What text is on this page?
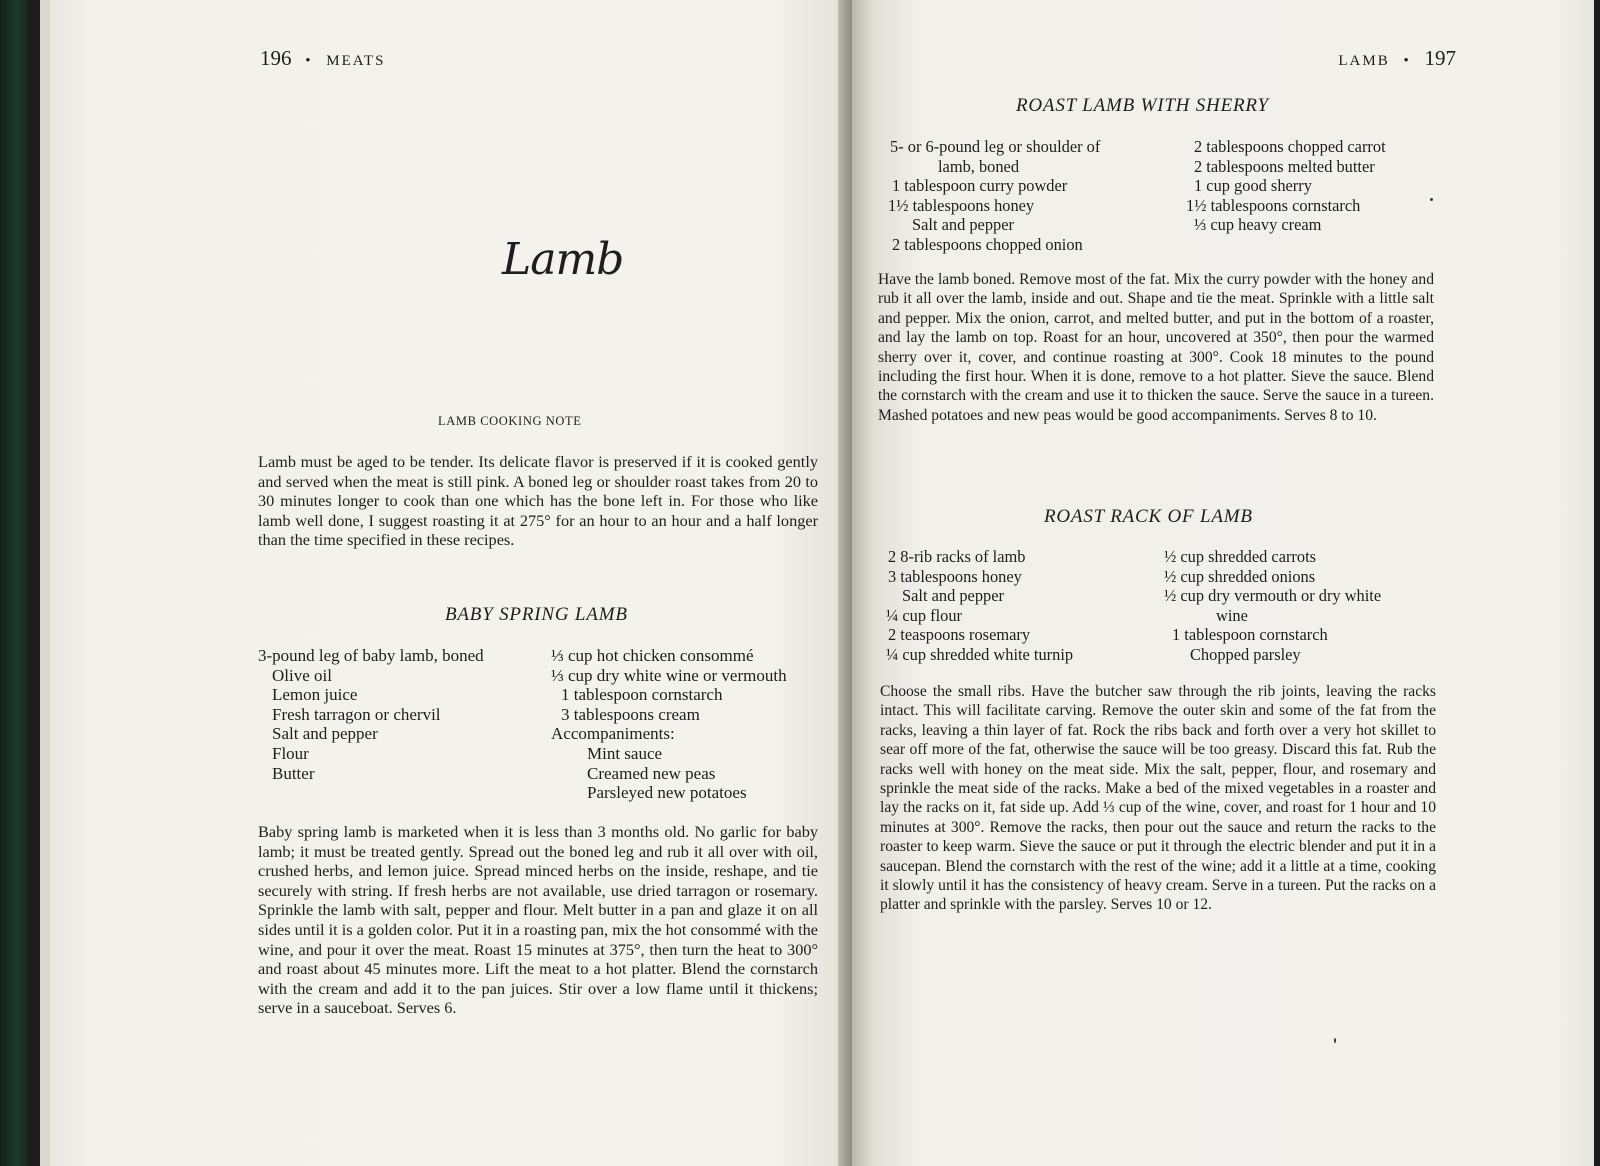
196 • MEATS
Lamb
LAMB COOKING NOTE
Lamb must be aged to be tender. Its delicate flavor is preserved if it is cooked gently and served when the meat is still pink. A boned leg or shoulder roast takes from 20 to 30 minutes longer to cook than one which has the bone left in. For those who like lamb well done, I suggest roasting it at 275° for an hour to an hour and a half longer than the time specified in these recipes.
BABY SPRING LAMB
3-pound leg of baby lamb, boned
Olive oil
Lemon juice
Fresh tarragon or chervil
Salt and pepper
Flour
Butter
⅓ cup hot chicken consommé
⅓ cup dry white wine or vermouth
1 tablespoon cornstarch
3 tablespoons cream
Accompaniments:
Mint sauce
Creamed new peas
Parsleyed new potatoes
Baby spring lamb is marketed when it is less than 3 months old. No garlic for baby lamb; it must be treated gently. Spread out the boned leg and rub it all over with oil, crushed herbs, and lemon juice. Spread minced herbs on the inside, reshape, and tie securely with string. If fresh herbs are not available, use dried tarragon or rosemary. Sprinkle the lamb with salt, pepper and flour. Melt butter in a pan and glaze it on all sides until it is a golden color. Put it in a roasting pan, mix the hot consommé with the wine, and pour it over the meat. Roast 15 minutes at 375°, then turn the heat to 300° and roast about 45 minutes more. Lift the meat to a hot platter. Blend the cornstarch with the cream and add it to the pan juices. Stir over a low flame until it thickens; serve in a sauceboat. Serves 6.
LAMB • 197
ROAST LAMB WITH SHERRY
5- or 6-pound leg or shoulder of
lamb, boned
1 tablespoon curry powder
1½ tablespoons honey
Salt and pepper
2 tablespoons chopped onion
2 tablespoons chopped carrot
2 tablespoons melted butter
1 cup good sherry
1½ tablespoons cornstarch
⅓ cup heavy cream
Have the lamb boned. Remove most of the fat. Mix the curry powder with the honey and rub it all over the lamb, inside and out. Shape and tie the meat. Sprinkle with a little salt and pepper. Mix the onion, carrot, and melted butter, and put in the bottom of a roaster, and lay the lamb on top. Roast for an hour, uncovered at 350°, then pour the warmed sherry over it, cover, and continue roasting at 300°. Cook 18 minutes to the pound including the first hour. When it is done, remove to a hot platter. Sieve the sauce. Blend the cornstarch with the cream and use it to thicken the sauce. Serve the sauce in a tureen. Mashed potatoes and new peas would be good accompaniments. Serves 8 to 10.
ROAST RACK OF LAMB
2 8-rib racks of lamb
3 tablespoons honey
Salt and pepper
¼ cup flour
2 teaspoons rosemary
¼ cup shredded white turnip
½ cup shredded carrots
½ cup shredded onions
½ cup dry vermouth or dry white
wine
1 tablespoon cornstarch
Chopped parsley
Choose the small ribs. Have the butcher saw through the rib joints, leaving the racks intact. This will facilitate carving. Remove the outer skin and some of the fat from the racks, leaving a thin layer of fat. Rock the ribs back and forth over a very hot skillet to sear off more of the fat, otherwise the sauce will be too greasy. Discard this fat. Rub the racks well with honey on the meat side. Mix the salt, pepper, flour, and rosemary and sprinkle the meat side of the racks. Make a bed of the mixed vegetables in a roaster and lay the racks on it, fat side up. Add ⅓ cup of the wine, cover, and roast for 1 hour and 10 minutes at 300°. Remove the racks, then pour out the sauce and return the racks to the roaster to keep warm. Sieve the sauce or put it through the electric blender and put it in a saucepan. Blend the cornstarch with the rest of the wine; add it a little at a time, cooking it slowly until it has the consistency of heavy cream. Serve in a tureen. Put the racks on a platter and sprinkle with the parsley. Serves 10 or 12.
